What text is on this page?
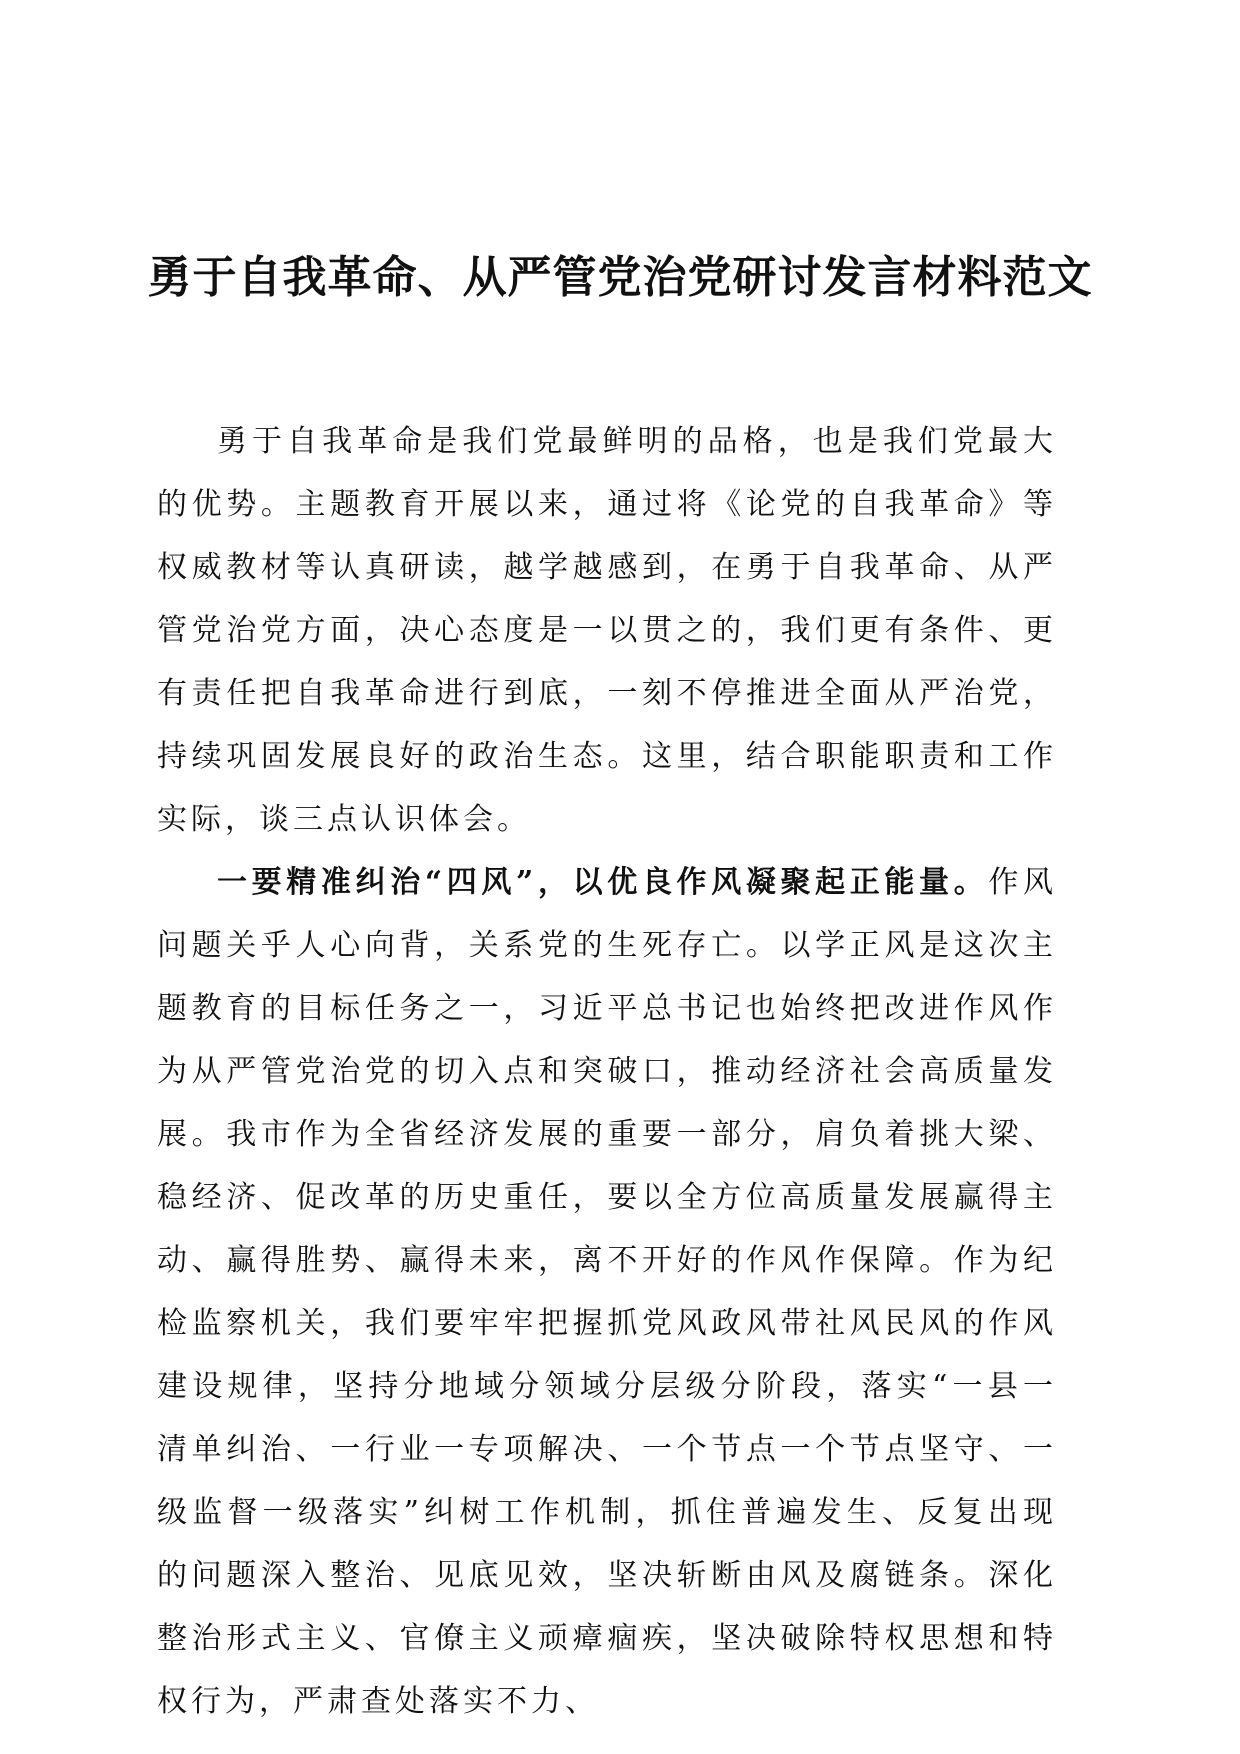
勇于自我革命、从严管党治党研讨发言材料范文

勇于自我革命是我们党最鲜明的品格，也是我们党最大的优势。主题教育开展以来，通过将《论党的自我革命》等权威教材等认真研读，越学越感到，在勇于自我革命、从严管党治党方面，决心态度是一以贯之的，我们更有条件、更有责任把自我革命进行到底，一刻不停推进全面从严治党，持续巩固发展良好的政治生态。这里，结合职能职责和工作实际，谈三点认识体会。

一要精准纠治“四风”，以优良作风凝聚起正能量。作风问题关乎人心向背，关系党的生死存亡。以学正风是这次主题教育的目标任务之一，习近平总书记也始终把改进作风作为从严管党治党的切入点和突破口，推动经济社会高质量发展。我市作为全省经济发展的重要一部分，肩负着挑大梁、稳经济、促改革的历史重任，要以全方位高质量发展赢得主动、赢得胜势、赢得未来，离不开好的作风作保障。作为纪检监察机关，我们要牢牢把握抓党风政风带社风民风的作风建设规律，坚持分地域分领域分层级分阶段，落实“一县一清单纠治、一行业一专项解决、一个节点一个节点坚守、一级监督一级落实”纠树工作机制，抓住普遍发生、反复出现的问题深入整治、见底见效，坚决斩断由风及腐链条。深化整治形式主义、官僚主义顽瘴痼疾，坚决破除特权思想和特权行为，严肃查处落实不力、
